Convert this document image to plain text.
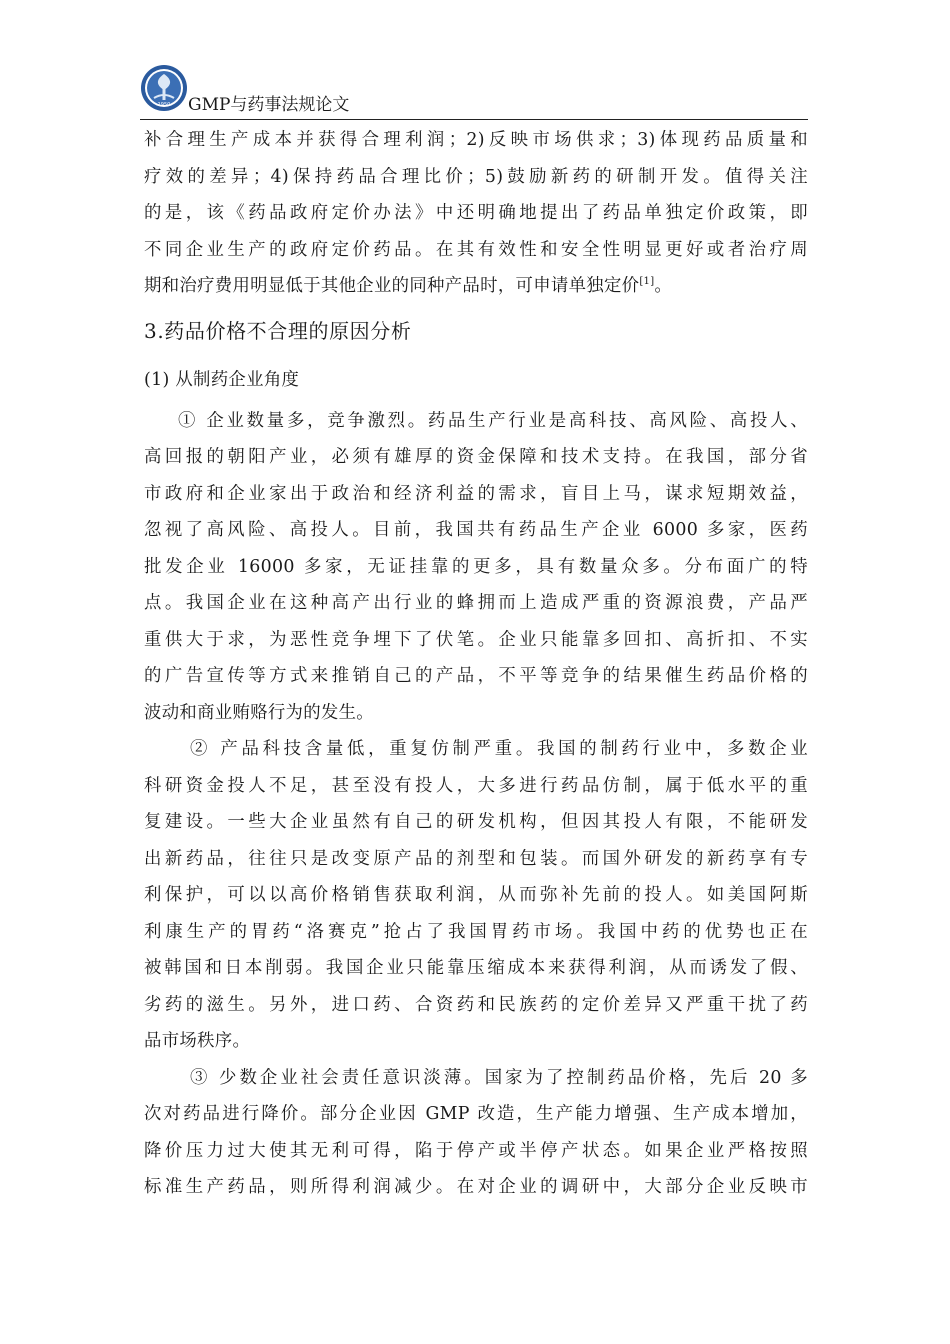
1950 GMP与药事法规论文
补合理生产成本并获得合理利润；2)反映市场供求；3)体现药品质量和
疗效的差异；4)保持药品合理比价；5)鼓励新药的研制开发。值得关注
的是，该《药品政府定价办法》中还明确地提出了药品单独定价政策，即
不同企业生产的政府定价药品。在其有效性和安全性明显更好或者治疗周
期和治疗费用明显低于其他企业的同种产品时，可申请单独定价[1]。
3.药品价格不合理的原因分析
(1) 从制药企业角度
① 企业数量多，竞争激烈。药品生产行业是高科技、高风险、高投人、
高回报的朝阳产业，必须有雄厚的资金保障和技术支持。在我国，部分省
市政府和企业家出于政治和经济利益的需求，盲目上马，谋求短期效益，
忽视了高风险、高投人。目前，我国共有药品生产企业 6000 多家，医药
批发企业 16000 多家，无证挂靠的更多，具有数量众多。分布面广的特
点。我国企业在这种高产出行业的蜂拥而上造成严重的资源浪费，产品严
重供大于求，为恶性竞争埋下了伏笔。企业只能靠多回扣、高折扣、不实
的广告宣传等方式来推销自己的产品，不平等竞争的结果催生药品价格的
波动和商业贿赂行为的发生。
② 产品科技含量低，重复仿制严重。我国的制药行业中，多数企业
科研资金投人不足，甚至没有投人，大多进行药品仿制，属于低水平的重
复建设。一些大企业虽然有自己的研发机构，但因其投人有限，不能研发
出新药品，往往只是改变原产品的剂型和包装。而国外研发的新药享有专
利保护，可以以高价格销售获取利润，从而弥补先前的投人。如美国阿斯
利康生产的胃药“洛赛克”抢占了我国胃药市场。我国中药的优势也正在
被韩国和日本削弱。我国企业只能靠压缩成本来获得利润，从而诱发了假、
劣药的滋生。另外，进口药、合资药和民族药的定价差异又严重干扰了药
品市场秩序。
③ 少数企业社会责任意识淡薄。国家为了控制药品价格，先后 20 多
次对药品进行降价。部分企业因 GMP 改造，生产能力增强、生产成本增加，
降价压力过大使其无利可得，陷于停产或半停产状态。如果企业严格按照
标准生产药品，则所得利润减少。在对企业的调研中，大部分企业反映市
